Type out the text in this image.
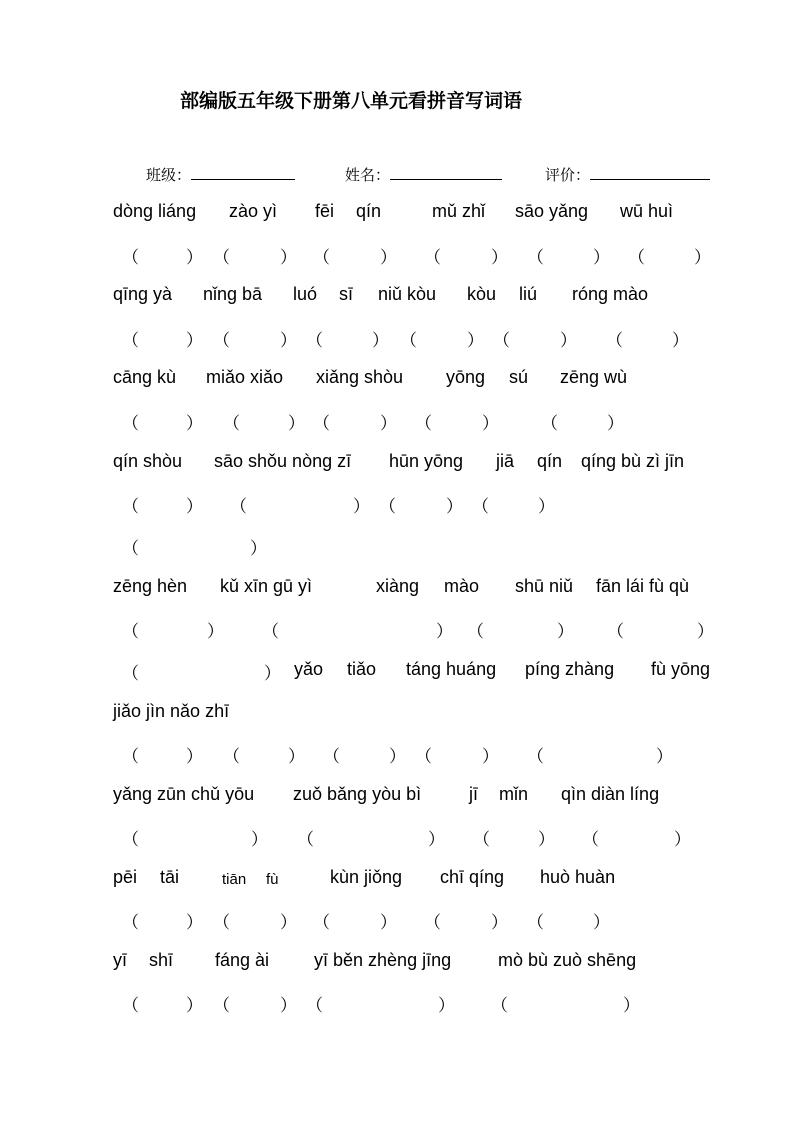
部编版五年级下册第八单元看拼音写词语
班级：	姓名：	评价：
dòng liáng zào yì fēi qín	mǔ zhǐ sāo yǎng wū huì
（	） （	） （	） （	） （	） （	）
qīng yà nǐng bā luó sī niǔ kòu kòu liú róng mào
（	） （	） （	） （	） （	） （	）
cāng kù miǎo xiǎo xiǎng shòu yōng sú zēng wù
（	） （	） （	） （	） （	）
qín shòu sāo shǒu nòng zī hūn yōng jiā qín qíng bù zì jīn
（	） （	） （	） （	）
（	）
zēng hèn kǔ xīn gū yì	xiàng mào shū niǔ fān lái fù qù
（	） （	） （	） （	）
（	） yǎo tiǎo táng huáng píng zhàng fù yōng
jiǎo jìn nǎo zhī
（	） （	） （	） （	） （	）
yǎng zūn chǔ yōu zuǒ bǎng yòu bì	jī mǐn qìn diàn líng
（	） （	） （	） （	）
pēi tāi	tiān fù	kùn jiǒng chī qíng huò huàn
（	） （	） （	） （	） （	）
yī shī fáng ài yī běn zhèng jīng	mò bù zuò shēng
（	） （	） （	） （	）
